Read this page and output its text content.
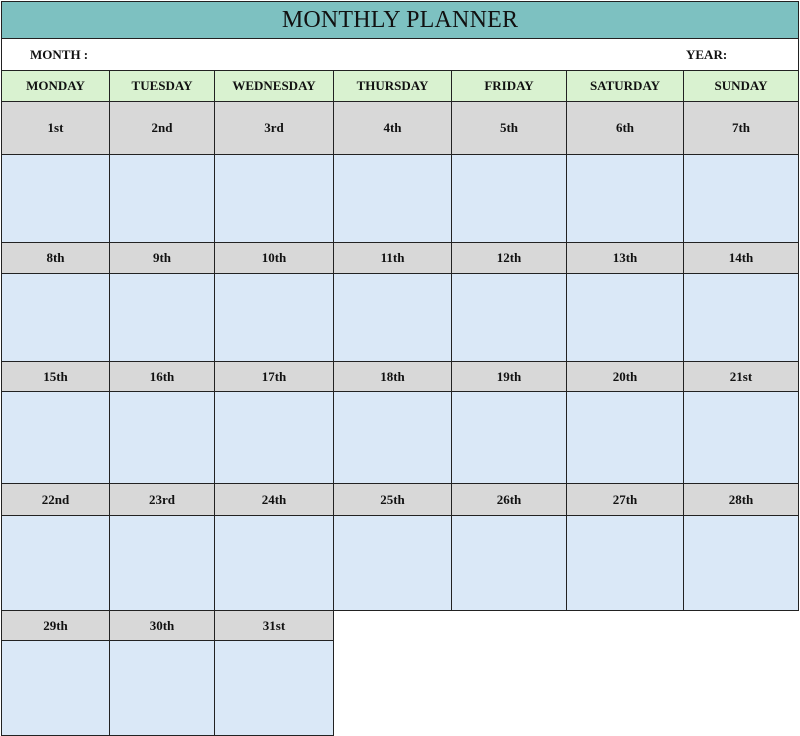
MONTHLY PLANNER
MONTH :	YEAR:
MONDAY	TUESDAY	WEDNESDAY	THURSDAY	FRIDAY	SATURDAY	SUNDAY
1st	2nd	3rd	4th	5th	6th	7th
8th	9th	10th	11th	12th	13th	14th
15th	16th	17th	18th	19th	20th	21st
22nd	23rd	24th	25th	26th	27th	28th
29th	30th	31st
